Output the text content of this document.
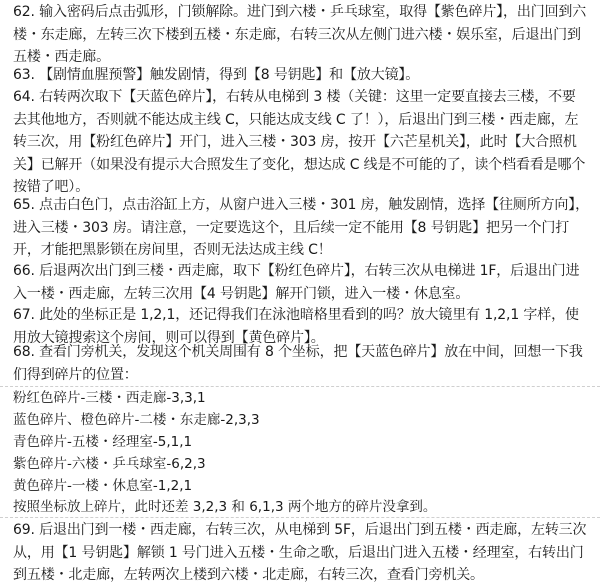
62. 输入密码后点击弧形，门锁解除。进门到六楼・乒乓球室，取得【紫色碎片】，出门回到六楼・东走廊，左转三次下楼到五楼・东走廊，右转三次从左侧门进六楼・娱乐室，后退出门到五楼・西走廊。

63. 【剧情血腥预警】触发剧情，得到【8 号钥匙】和【放大镜】。

64. 右转两次取下【天蓝色碎片】，右转从电梯到 3 楼（关键：这里一定要直接去三楼，不要去其他地方，否则就不能达成主线 C，只能达成支线 C 了！），后退出门到三楼・西走廊，左转三次，用【粉红色碎片】开门，进入三楼・303 房，按开【六芒星机关】，此时【大合照机关】已解开（如果没有提示大合照发生了变化，想达成 C 线是不可能的了，读个档看看是哪个按错了吧）。

65. 点击白色门，点击浴缸上方，从窗户进入三楼・301 房，触发剧情，选择【往厕所方向】，进入三楼・303 房。请注意，一定要选这个，且后续一定不能用【8 号钥匙】把另一个门打开，才能把黑影锁在房间里，否则无法达成主线 C！

66. 后退两次出门到三楼・西走廊，取下【粉红色碎片】，右转三次从电梯进 1F，后退出门进入一楼・西走廊，左转三次用【4 号钥匙】解开门锁，进入一楼・休息室。

67. 此处的坐标正是 1,2,1，还记得我们在泳池暗格里看到的吗？放大镜里有 1,2,1 字样，使用放大镜搜索这个房间，则可以得到【黄色碎片】。

68. 查看门旁机关，发现这个机关周围有 8 个坐标，把【天蓝色碎片】放在中间，回想一下我们得到碎片的位置：

粉红色碎片-三楼・西走廊-3,3,1

蓝色碎片、橙色碎片-二楼・东走廊-2,3,3

青色碎片-五楼・经理室-5,1,1

紫色碎片-六楼・乒乓球室-6,2,3

黄色碎片-一楼・休息室-1,2,1

按照坐标放上碎片，此时还差 3,2,3 和 6,1,3 两个地方的碎片没拿到。

69. 后退出门到一楼・西走廊，右转三次，从电梯到 5F，后退出门到五楼・西走廊，左转三次从，用【1 号钥匙】解锁 1 号门进入五楼・生命之歌，后退出门进入五楼・经理室，右转出门到五楼・北走廊，左转两次上楼到六楼・北走廊，右转三次，查看门旁机关。
